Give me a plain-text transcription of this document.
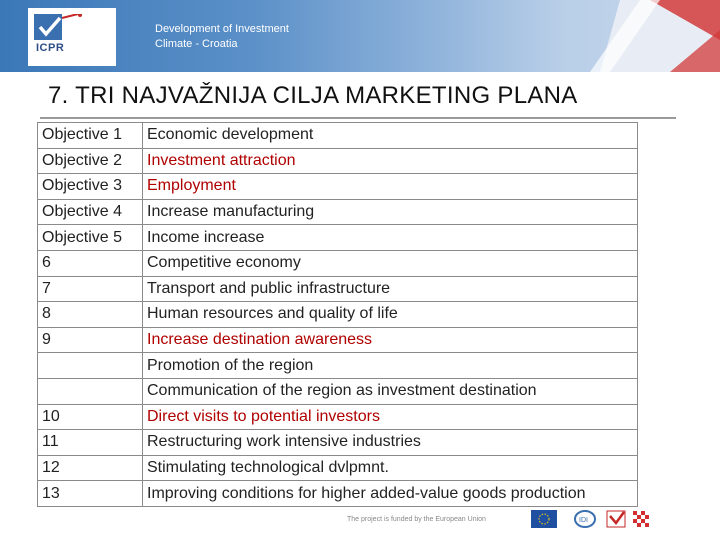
ICPR
Development of Investment
Climate - Croatia
7. TRI NAJVAŽNIJA CILJA MARKETING PLANA
Objective 1	Economic development
Objective 2	Investment attraction
Objective 3	Employment
Objective 4	Increase manufacturing
Objective 5	Income increase
6	Competitive economy
7	Transport and public infrastructure
8	Human resources and quality of life
9	Increase destination awareness
	Promotion of the region
	Communication of the region as investment destination
10	Direct visits to potential investors
11	Restructuring work intensive industries
12	Stimulating technological dvlpmnt.
13	Improving conditions for higher added-value goods production
The project is funded by the European Union	IDI
